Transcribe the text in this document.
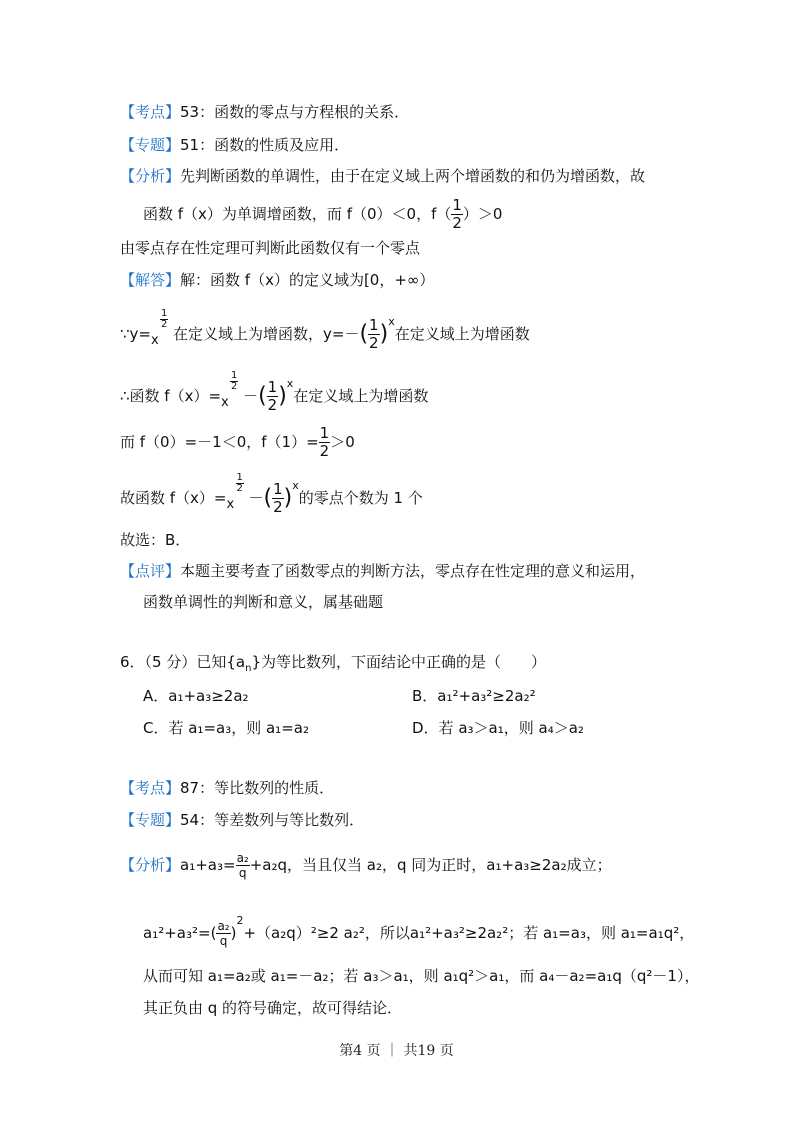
【考点】53：函数的零点与方程根的关系．
【专题】51：函数的性质及应用．
【分析】先判断函数的单调性，由于在定义域上两个增函数的和仍为增函数，故
函数 f（x）为单调增函数，而 f（0）＜0，$f( \frac{1}{2} )>0$
由零点存在性定理可判断此函数仅有一个零点
【解答】解：函数 f（x）的定义域为[0，+∞）
∵y= x
1
2
在定义域上为增函数，$y=-( \frac{1}{2} )^x$在定义域上为增函数
∴函数 f（x）= x
1
2
－( $\frac{1}{2} )^x$在定义域上为增函数
而 f（0）=－1＜0，$f(1)= \frac{1}{2} >0$
故函数 f（x）= x
1
2
－( $\frac{1}{2} )^x$的零点个数为 1 个
故选：B．
【点评】本题主要考查了函数零点的判断方法，零点存在性定理的意义和运用，
函数单调性的判断和意义，属基础题
6．（5 分）已知$\{a_n\}$为等比数列，下面结论中正确的是（　　）
A．a₁+a₃≥2a₂	B．a₁²+a₃²≥2a₂²
C．若 a₁=a₃，则 a₁=a₂	D．若 a₃＞a₁，则 a₄＞a₂
【考点】87：等比数列的性质．
【专题】54：等差数列与等比数列．
【分析】$a_1+a_3= \frac{\text{a₂}}{q} +a_2q$，当且仅当 a₂，q 同为正时，a₁+a₃≥2a₂成立；
$a_1^2+a_3^2=( \frac{\text{a₂}}{q} )^2+(a_2q)^2\ge 2$ a₂²，所以a₁²+a₃²≥2a₂²；若 a₁=a₃，则 a₁=a₁q²，
从而可知 a₁=a₂或 a₁=－a₂；若 a₃＞a₁，则 a₁q²＞a₁，而 a₄－a₂=a₁q（q²－1），
其正负由 q 的符号确定，故可得结论．
第4 页 ｜ 共19 页
